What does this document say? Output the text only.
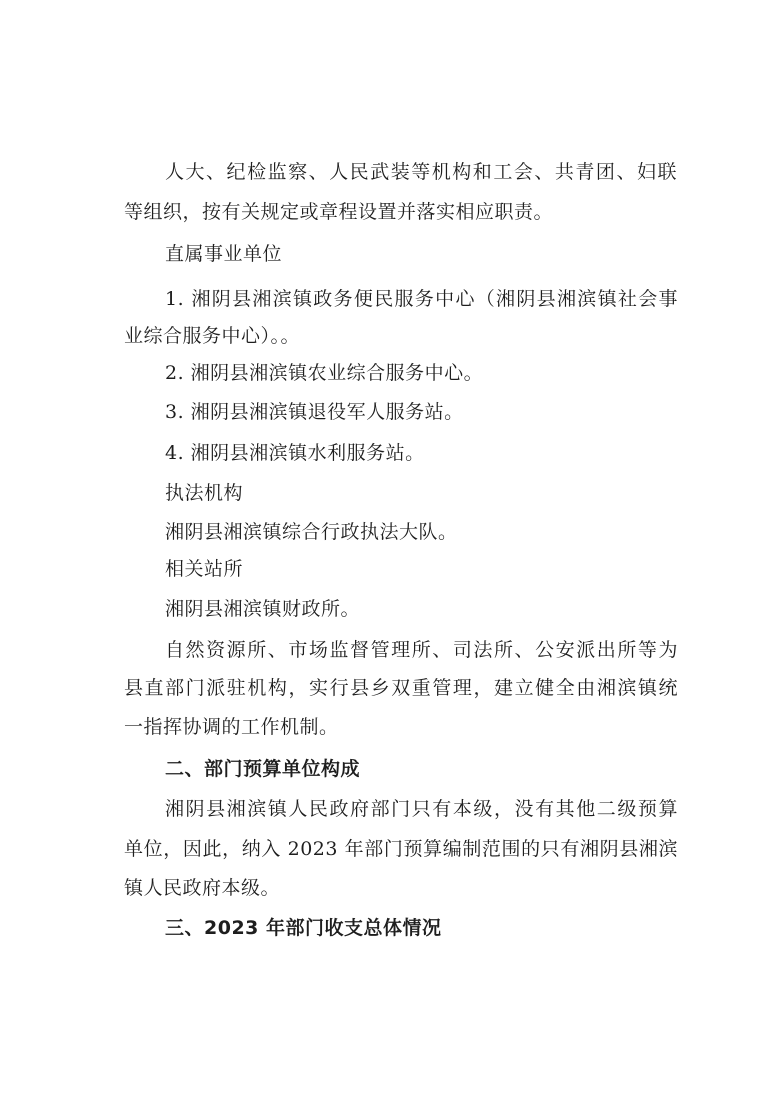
人大、纪检监察、人民武装等机构和工会、共青团、妇联
等组织，按有关规定或章程设置并落实相应职责。
直属事业单位
1. 湘阴县湘滨镇政务便民服务中心（湘阴县湘滨镇社会事
业综合服务中心）。。
2. 湘阴县湘滨镇农业综合服务中心。
3. 湘阴县湘滨镇退役军人服务站。
4. 湘阴县湘滨镇水利服务站。
执法机构
湘阴县湘滨镇综合行政执法大队。
相关站所
湘阴县湘滨镇财政所。
自然资源所、市场监督管理所、司法所、公安派出所等为
县直部门派驻机构，实行县乡双重管理，建立健全由湘滨镇统
一指挥协调的工作机制。
二、部门预算单位构成
湘阴县湘滨镇人民政府部门只有本级，没有其他二级预算
单位，因此，纳入 2023 年部门预算编制范围的只有湘阴县湘滨
镇人民政府本级。
三、2023 年部门收支总体情况
